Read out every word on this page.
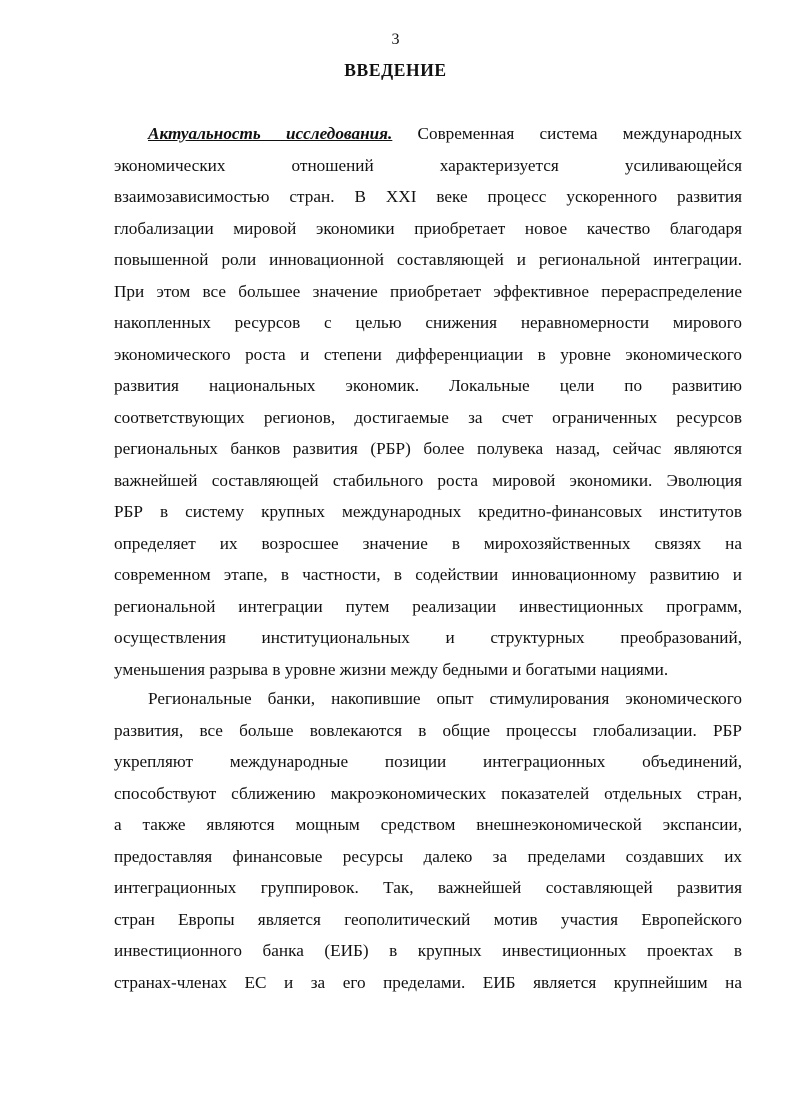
3
ВВЕДЕНИЕ

Актуальность исследования. Современная система международных

экономических отношений характеризуется усиливающейся

взаимозависимостью стран. В XXI веке процесс ускоренного развития

глобализации мировой экономики приобретает новое качество благодаря

повышенной роли инновационной составляющей и региональной интеграции.

При этом все большее значение приобретает эффективное перераспределение

накопленных ресурсов с целью снижения неравномерности мирового

экономического роста и степени дифференциации в уровне экономического

развития национальных экономик. Локальные цели по развитию

соответствующих регионов, достигаемые за счет ограниченных ресурсов

региональных банков развития (РБР) более полувека назад, сейчас являются

важнейшей составляющей стабильного роста мировой экономики. Эволюция

РБР в систему крупных международных кредитно-финансовых институтов

определяет их возросшее значение в мирохозяйственных связях на

современном этапе, в частности, в содействии инновационному развитию и

региональной интеграции путем реализации инвестиционных программ,

осуществления институциональных и структурных преобразований,

уменьшения разрыва в уровне жизни между бедными и богатыми нациями.

Региональные банки, накопившие опыт стимулирования экономического

развития, все больше вовлекаются в общие процессы глобализации. РБР

укрепляют международные позиции интеграционных объединений,

способствуют сближению макроэкономических показателей отдельных стран,

а также являются мощным средством внешнеэкономической экспансии,

предоставляя финансовые ресурсы далеко за пределами создавших их

интеграционных группировок. Так, важнейшей составляющей развития

стран Европы является геополитический мотив участия Европейского

инвестиционного банка (ЕИБ) в крупных инвестиционных проектах в

странах-членах ЕС и за его пределами. ЕИБ является крупнейшим на
